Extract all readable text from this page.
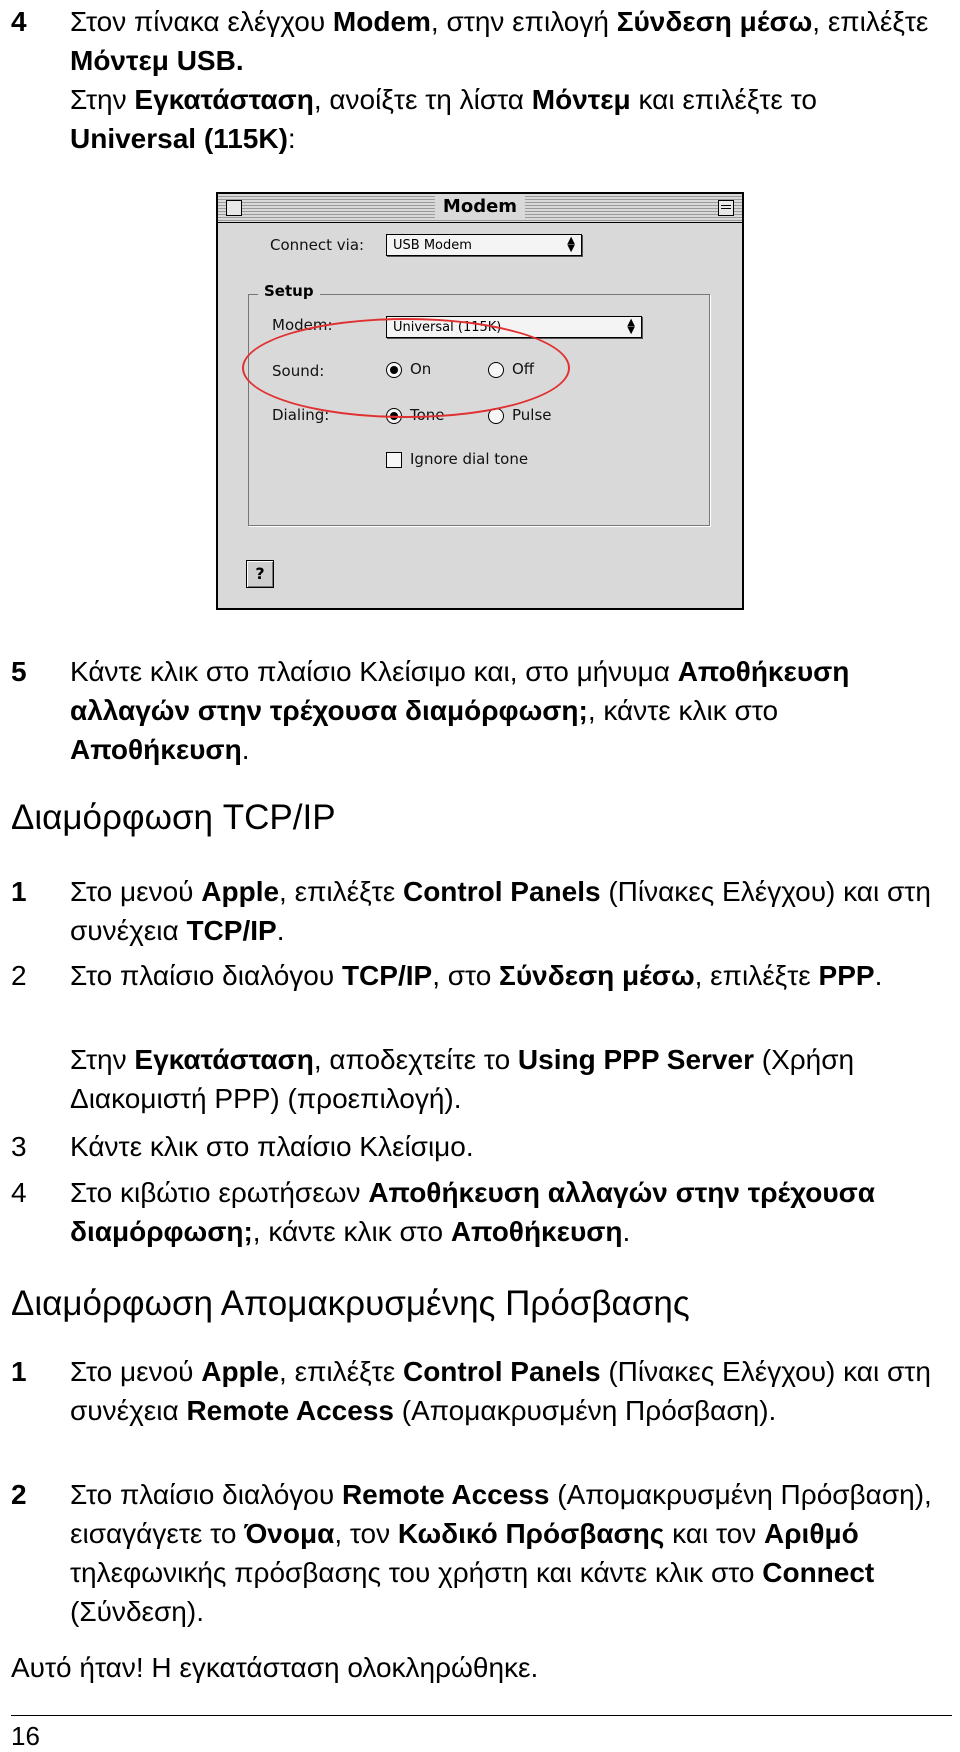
4 Στον πίνακα ελέγχου Modem, στην επιλογή Σύνδεση μέσω, επιλέξτε Μόντεμ USB.
Στην Εγκατάσταση, ανοίξτε τη λίστα Μόντεμ και επιλέξτε το Universal (115K):
Modem
Connect via:	USB Modem	▲
▼
Setup
Modem:	Universal (115K)	▲
▼
Sound:	On	Off
Dialing:	Tone	Pulse
Ignore dial tone
?
5 Κάντε κλικ στο πλαίσιο Κλείσιμο και, στο μήνυμα Αποθήκευση αλλαγών στην τρέχουσα διαμόρφωση;, κάντε κλικ στο Αποθήκευση.
Διαμόρφωση TCP/IP
1 Στο μενού Apple, επιλέξτε Control Panels (Πίνακες Ελέγχου) και στη συνέχεια TCP/IP.
2 Στο πλαίσιο διαλόγου TCP/IP, στο Σύνδεση μέσω, επιλέξτε PPP.
Στην Εγκατάσταση, αποδεχτείτε το Using PPP Server (Χρήση Διακομιστή PPP) (προεπιλογή).
3 Κάντε κλικ στο πλαίσιο Κλείσιμο.
4 Στο κιβώτιο ερωτήσεων Αποθήκευση αλλαγών στην τρέχουσα διαμόρφωση;, κάντε κλικ στο Αποθήκευση.
Διαμόρφωση Απομακρυσμένης Πρόσβασης
1 Στο μενού Apple, επιλέξτε Control Panels (Πίνακες Ελέγχου) και στη συνέχεια Remote Access (Απομακρυσμένη Πρόσβαση).
2 Στο πλαίσιο διαλόγου Remote Access (Απομακρυσμένη Πρόσβαση), εισαγάγετε το Όνομα, τον Κωδικό Πρόσβασης και τον Αριθμό τηλεφωνικής πρόσβασης του χρήστη και κάντε κλικ στο Connect (Σύνδεση).
Αυτό ήταν! Η εγκατάσταση ολοκληρώθηκε.
16
